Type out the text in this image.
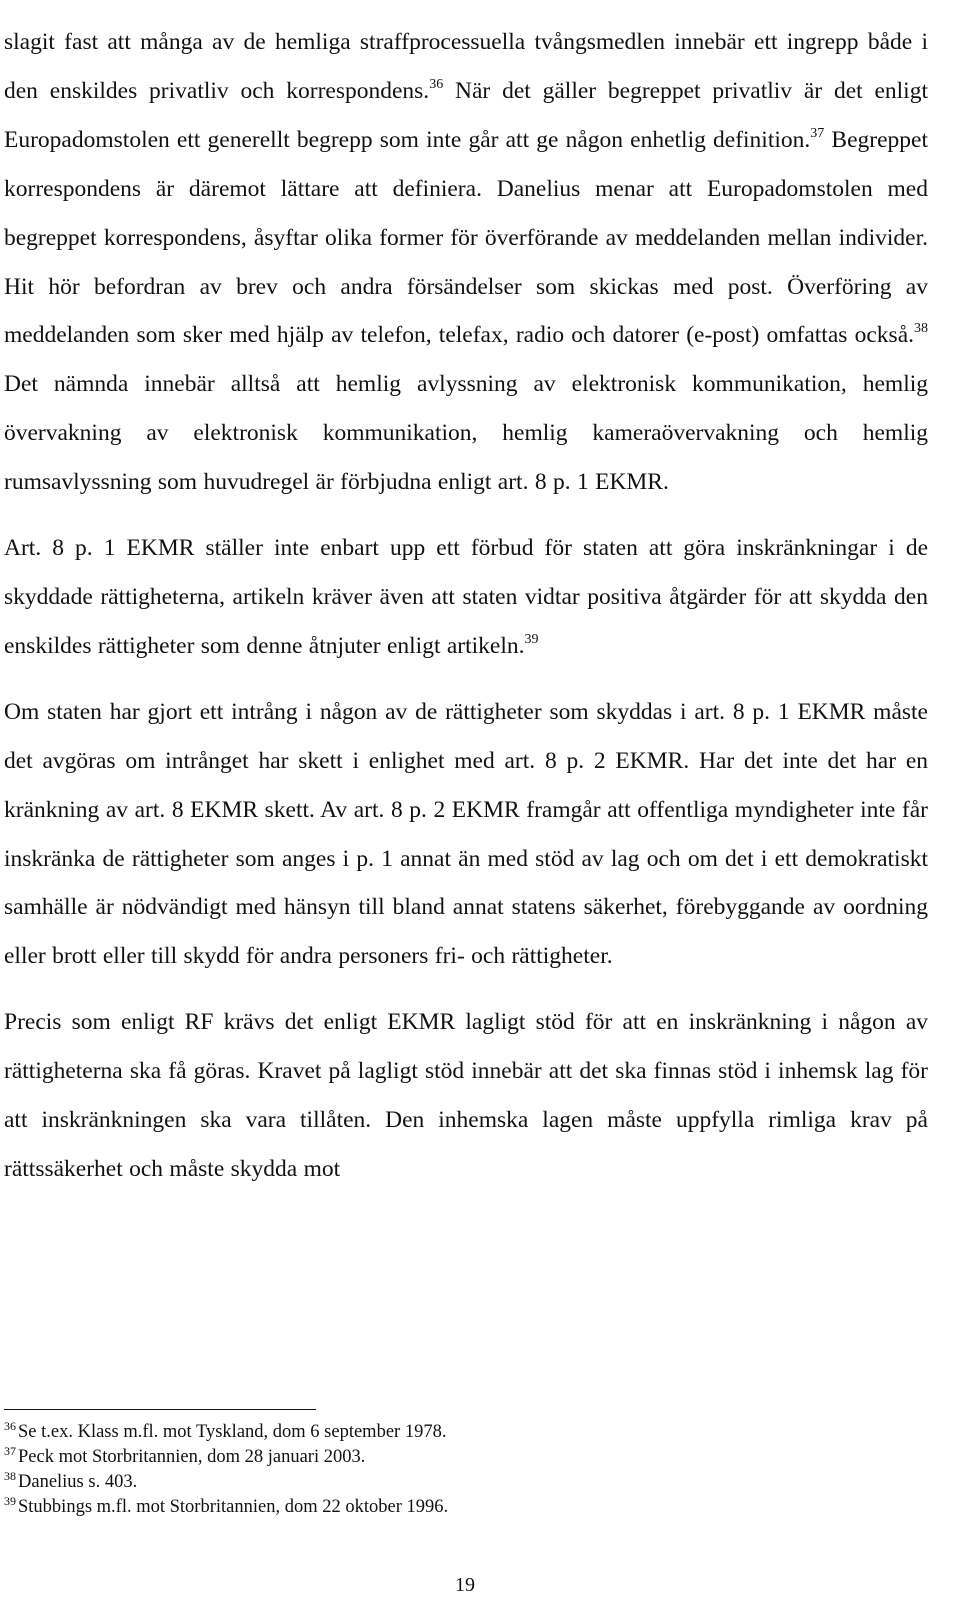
slagit fast att många av de hemliga straffprocessuella tvångsmedlen innebär ett ingrepp både i den enskildes privatliv och korrespondens.$^{36}$ När det gäller begreppet privatliv är det enligt Europadomstolen ett generellt begrepp som inte går att ge någon enhetlig definition.$^{37}$ Begreppet korrespondens är däremot lättare att definiera. Danelius menar att Europadomstolen med begreppet korrespondens, åsyftar olika former för överförande av meddelanden mellan individer. Hit hör befordran av brev och andra försändelser som skickas med post. Överföring av meddelanden som sker med hjälp av telefon, telefax, radio och datorer (e-post) omfattas också.$^{38}$ Det nämnda innebär alltså att hemlig avlyssning av elektronisk kommunikation, hemlig övervakning av elektronisk kommunikation, hemlig kameraövervakning och hemlig rumsavlyssning som huvudregel är förbjudna enligt art. 8 p. 1 EKMR.

Art. 8 p. 1 EKMR ställer inte enbart upp ett förbud för staten att göra inskränkningar i de skyddade rättigheterna, artikeln kräver även att staten vidtar positiva åtgärder för att skydda den enskildes rättigheter som denne åtnjuter enligt artikeln.$^{39}$

Om staten har gjort ett intrång i någon av de rättigheter som skyddas i art. 8 p. 1 EKMR måste det avgöras om intrånget har skett i enlighet med art. 8 p. 2 EKMR. Har det inte det har en kränkning av art. 8 EKMR skett. Av art. 8 p. 2 EKMR framgår att offentliga myndigheter inte får inskränka de rättigheter som anges i p. 1 annat än med stöd av lag och om det i ett demokratiskt samhälle är nödvändigt med hänsyn till bland annat statens säkerhet, förebyggande av oordning eller brott eller till skydd för andra personers fri- och rättigheter.

Precis som enligt RF krävs det enligt EKMR lagligt stöd för att en inskränkning i någon av rättigheterna ska få göras. Kravet på lagligt stöd innebär att det ska finnas stöd i inhemsk lag för att inskränkningen ska vara tillåten. Den inhemska lagen måste uppfylla rimliga krav på rättssäkerhet och måste skydda mot

$^{36}$ Se t.ex. Klass m.fl. mot Tyskland, dom 6 september 1978.
$^{37}$ Peck mot Storbritannien, dom 28 januari 2003.
$^{38}$ Danelius s. 403.
$^{39}$ Stubbings m.fl. mot Storbritannien, dom 22 oktober 1996.
19
